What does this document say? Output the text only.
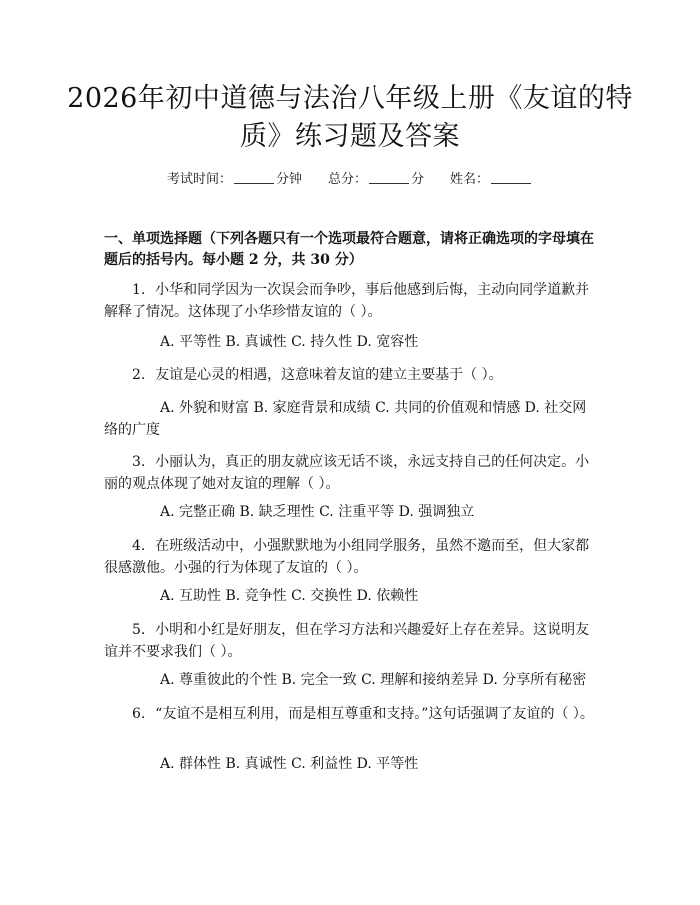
2026年初中道德与法治八年级上册《友谊的特质》练习题及答案
考试时间：	分钟 总分：	分 姓名：
一、单项选择题（下列各题只有一个选项最符合题意，请将正确选项的字母填在题后的括号内。每小题 2 分，共 30 分）
1. 小华和同学因为一次误会而争吵，事后他感到后悔，主动向同学道歉并解释了情况。这体现了小华珍惜友谊的（ ）。
A. 平等性 B. 真诚性 C. 持久性 D. 宽容性
2. 友谊是心灵的相遇，这意味着友谊的建立主要基于（ ）。
A. 外貌和财富 B. 家庭背景和成绩 C. 共同的价值观和情感 D. 社交网络的广度
3. 小丽认为，真正的朋友就应该无话不谈，永远支持自己的任何决定。小丽的观点体现了她对友谊的理解（ ）。
A. 完整正确 B. 缺乏理性 C. 注重平等 D. 强调独立
4. 在班级活动中，小强默默地为小组同学服务，虽然不邀而至，但大家都很感激他。小强的行为体现了友谊的（ ）。
A. 互助性 B. 竞争性 C. 交换性 D. 依赖性
5. 小明和小红是好朋友，但在学习方法和兴趣爱好上存在差异。这说明友谊并不要求我们（ ）。
A. 尊重彼此的个性 B. 完全一致 C. 理解和接纳差异 D. 分享所有秘密
6. “友谊不是相互利用，而是相互尊重和支持。”这句话强调了友谊的（ ）。
A. 群体性 B. 真诚性 C. 利益性 D. 平等性
